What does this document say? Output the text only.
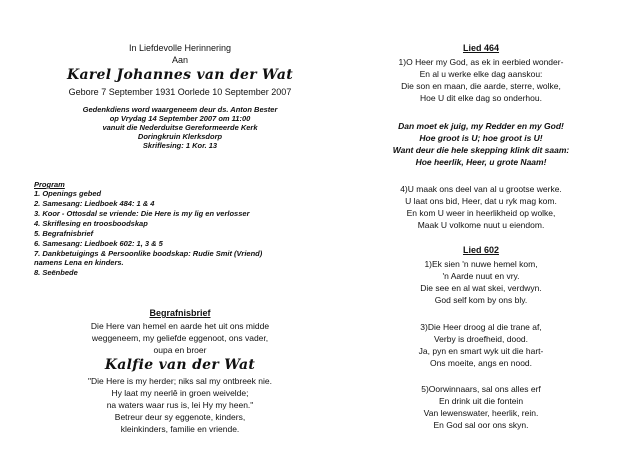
In Liefdevolle Herinnering
Aan
Karel Johannes van der Wat
Gebore 7 September 1931 Oorlede 10 September 2007
Gedenkdiens word waargeneem deur ds. Anton Bester
op Vrydag 14 September 2007 om 11:00
vanuit die Nederduitse Gereformeerde Kerk
Doringkruin Klerksdorp
Skriflesing: 1 Kor. 13
Program
1. Openings gebed
2. Samesang: Liedboek 484: 1 & 4
3. Koor - Ottosdal se vriende: Die Here is my lig en verlosser
4. Skriflesing en troosboodskap
5. Begrafnisbrief
6. Samesang: Liedboek 602: 1, 3 & 5
7. Dankbetuigings & Persoonlike boodskap: Rudie Smit (Vriend)
namens Lena en kinders.
8. Seënbede
Begrafnisbrief
Die Here van hemel en aarde het uit ons midde
weggeneem, my geliefde eggenoot, ons vader,
oupa en broer
Kalfie van der Wat
"Die Here is my herder; niks sal my ontbreek nie.
Hy laat my neerlê in groen weivelde;
na waters waar rus is, lei Hy my heen."
Betreur deur sy eggenote, kinders,
kleinkinders, familie en vriende.
Lied 464
1)O Heer my God, as ek in eerbied wonder-
En al u werke elke dag aanskou:
Die son en maan, die aarde, sterre, wolke,
Hoe U dit elke dag so onderhou.
Dan moet ek juig, my Redder en my God!
Hoe groot is U; hoe groot is U!
Want deur die hele skepping klink dit saam:
Hoe heerlik, Heer, u grote Naam!
4)U maak ons deel van al u grootse werke.
U laat ons bid, Heer, dat u ryk mag kom.
En kom U weer in heerlikheid op wolke,
Maak U volkome nuut u eiendom.
Lied 602
1)Ek sien 'n nuwe hemel kom,
'n Aarde nuut en vry.
Die see en al wat skei, verdwyn.
God self kom by ons bly.
3)Die Heer droog al die trane af,
Verby is droefheid, dood.
Ja, pyn en smart wyk uit die hart-
Ons moeite, angs en nood.
5)Oorwinnaars, sal ons alles erf
En drink uit die fontein
Van lewenswater, heerlik, rein.
En God sal oor ons skyn.
